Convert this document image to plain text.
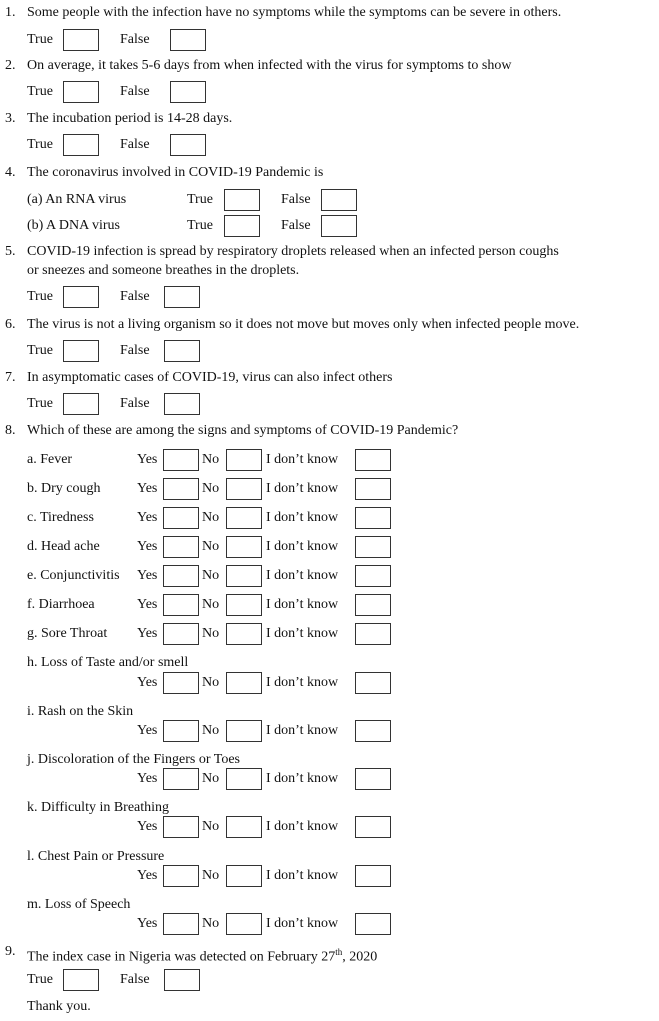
1. Some people with the infection have no symptoms while the symptoms can be severe in others.
True	False
2. On average, it takes 5-6 days from when infected with the virus for symptoms to show
True	False
3. The incubation period is 14-28 days.
True	False
4. The coronavirus involved in COVID-19 Pandemic is
(a) An RNA virus	True	False
(b) A DNA virus	True	False
5. COVID-19 infection is spread by respiratory droplets released when an infected person coughs
or sneezes and someone breathes in the droplets.
True	False
6. The virus is not a living organism so it does not move but moves only when infected people move.
True	False
7. In asymptomatic cases of COVID-19, virus can also infect others
True	False
8. Which of these are among the signs and symptoms of COVID-19 Pandemic?
a. Fever	Yes	No	I don’t know
b. Dry cough	Yes	No	I don’t know
c. Tiredness	Yes	No	I don’t know
d. Head ache	Yes	No	I don’t know
e. Conjunctivitis Yes	No	I don’t know
f. Diarrhoea	Yes	No	I don’t know
g. Sore Throat Yes	No	I don’t know
h. Loss of Taste and/or smell
Yes	No	I don’t know
i. Rash on the Skin
Yes	No	I don’t know
j. Discoloration of the Fingers or Toes
Yes	No	I don’t know
k. Difficulty in Breathing
Yes	No	I don’t know
l. Chest Pain or Pressure
Yes	No	I don’t know
m. Loss of Speech
Yes	No	I don’t know
9. The index case in Nigeria was detected on February 27th, 2020
True	False
Thank you.
